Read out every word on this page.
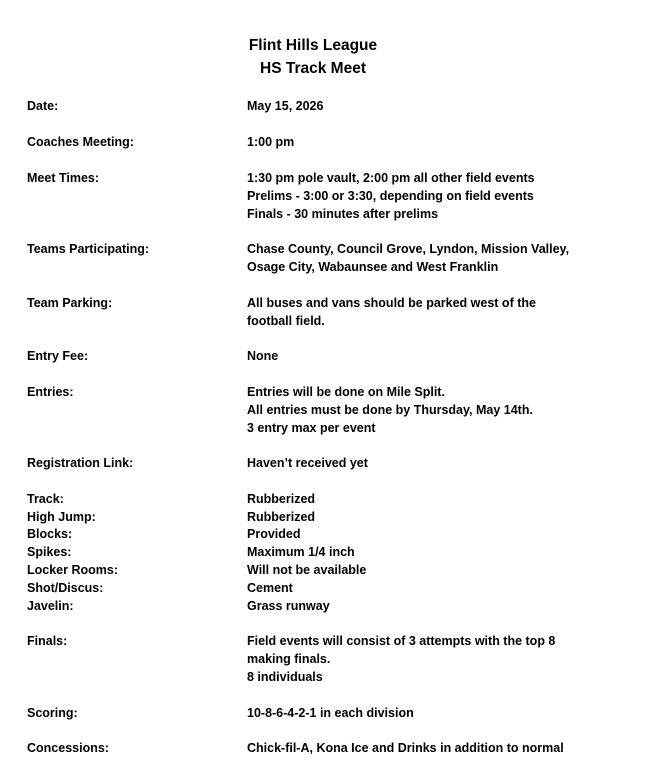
Flint Hills League
HS Track Meet
Date:	May 15, 2026
Coaches Meeting:	1:00 pm
Meet Times:	1:30 pm pole vault, 2:00 pm all other field events
Prelims - 3:00 or 3:30, depending on field events
Finals - 30 minutes after prelims
Teams Participating:	Chase County, Council Grove, Lyndon, Mission Valley,
Osage City, Wabaunsee and West Franklin
Team Parking:	All buses and vans should be parked west of the
football field.
Entry Fee:	None
Entries:	Entries will be done on Mile Split.
All entries must be done by Thursday, May 14th.
3 entry max per event
Registration Link:	Haven’t received yet
Track:	Rubberized
High Jump:	Rubberized
Blocks:	Provided
Spikes:	Maximum 1/4 inch
Locker Rooms:	Will not be available
Shot/Discus:	Cement
Javelin:	Grass runway
Finals:	Field events will consist of 3 attempts with the top 8
making finals.
8 individuals
Scoring:	10-8-6-4-2-1 in each division
Concessions:	Chick-fil-A, Kona Ice and Drinks in addition to normal
